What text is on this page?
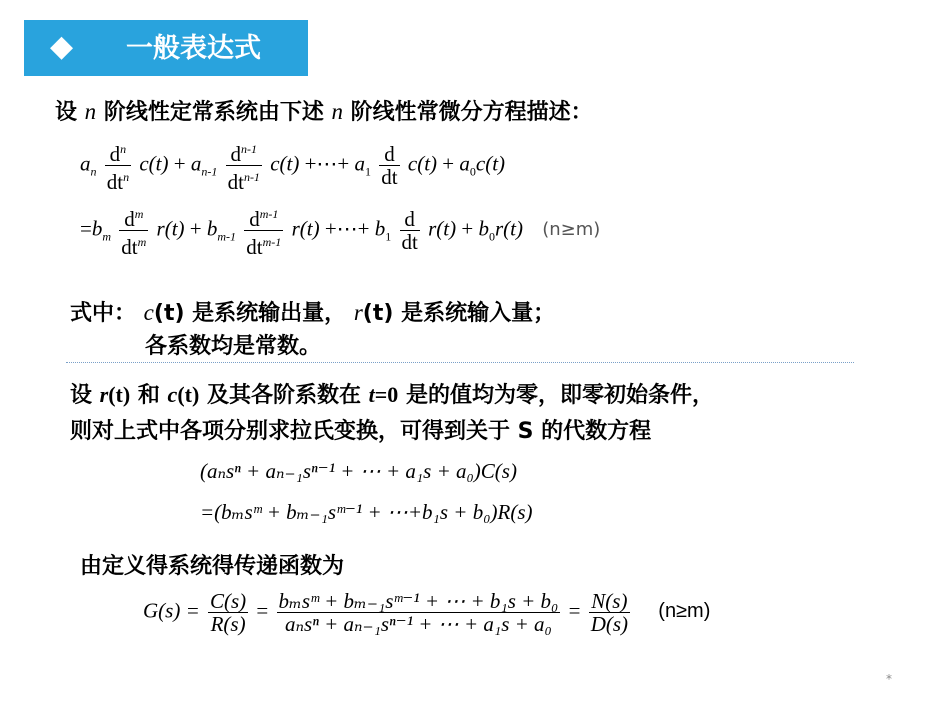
◆ 一般表达式
设 n 阶线性定常系统由下述 n 阶线性常微分方程描述：
$a_n \frac{d^n}{dt^n} c(t) + a_{n-1} \frac{d^{n-1}}{dt^{n-1}} c(t)$ +⋯+ $a_1 \frac{d}{dt} c(t) + a_0c(t)$
$=b_m \frac{d^m}{dt^m} r(t) + b_{m-1} \frac{d^{m-1}}{dt^{m-1}} r(t)$ +⋯+ $b_1 \frac{d}{dt} r(t) + b_0r(t)$ (n≥m)
式中： c(t) 是系统输出量， r(t) 是系统输入量；
各系数均是常数。
设 r(t) 和 c(t) 及其各阶系数在 t=0 是的值均为零，即零初始条件，
则对上式中各项分别求拉氏变换，可得到关于 S 的代数方程
(aₙsⁿ + aₙ₋₁sⁿ⁻¹ + ⋯ + a₁s + a₀)C(s)
=(bₘsᵐ + bₘ₋₁sᵐ⁻¹ + ⋯+b₁s + b₀)R(s)
由定义得系统得传递函数为
$G(s) = \frac{C(s)}{R(s)} = \frac{\text{bₘsᵐ + bₘ₋₁sᵐ⁻¹ + ⋯ + b₁s + b₀}}{\text{aₙsⁿ + aₙ₋₁sⁿ⁻¹ + ⋯ + a₁s + a₀}} = \frac{N(s)}{D(s)} (n\ge m)$
*
